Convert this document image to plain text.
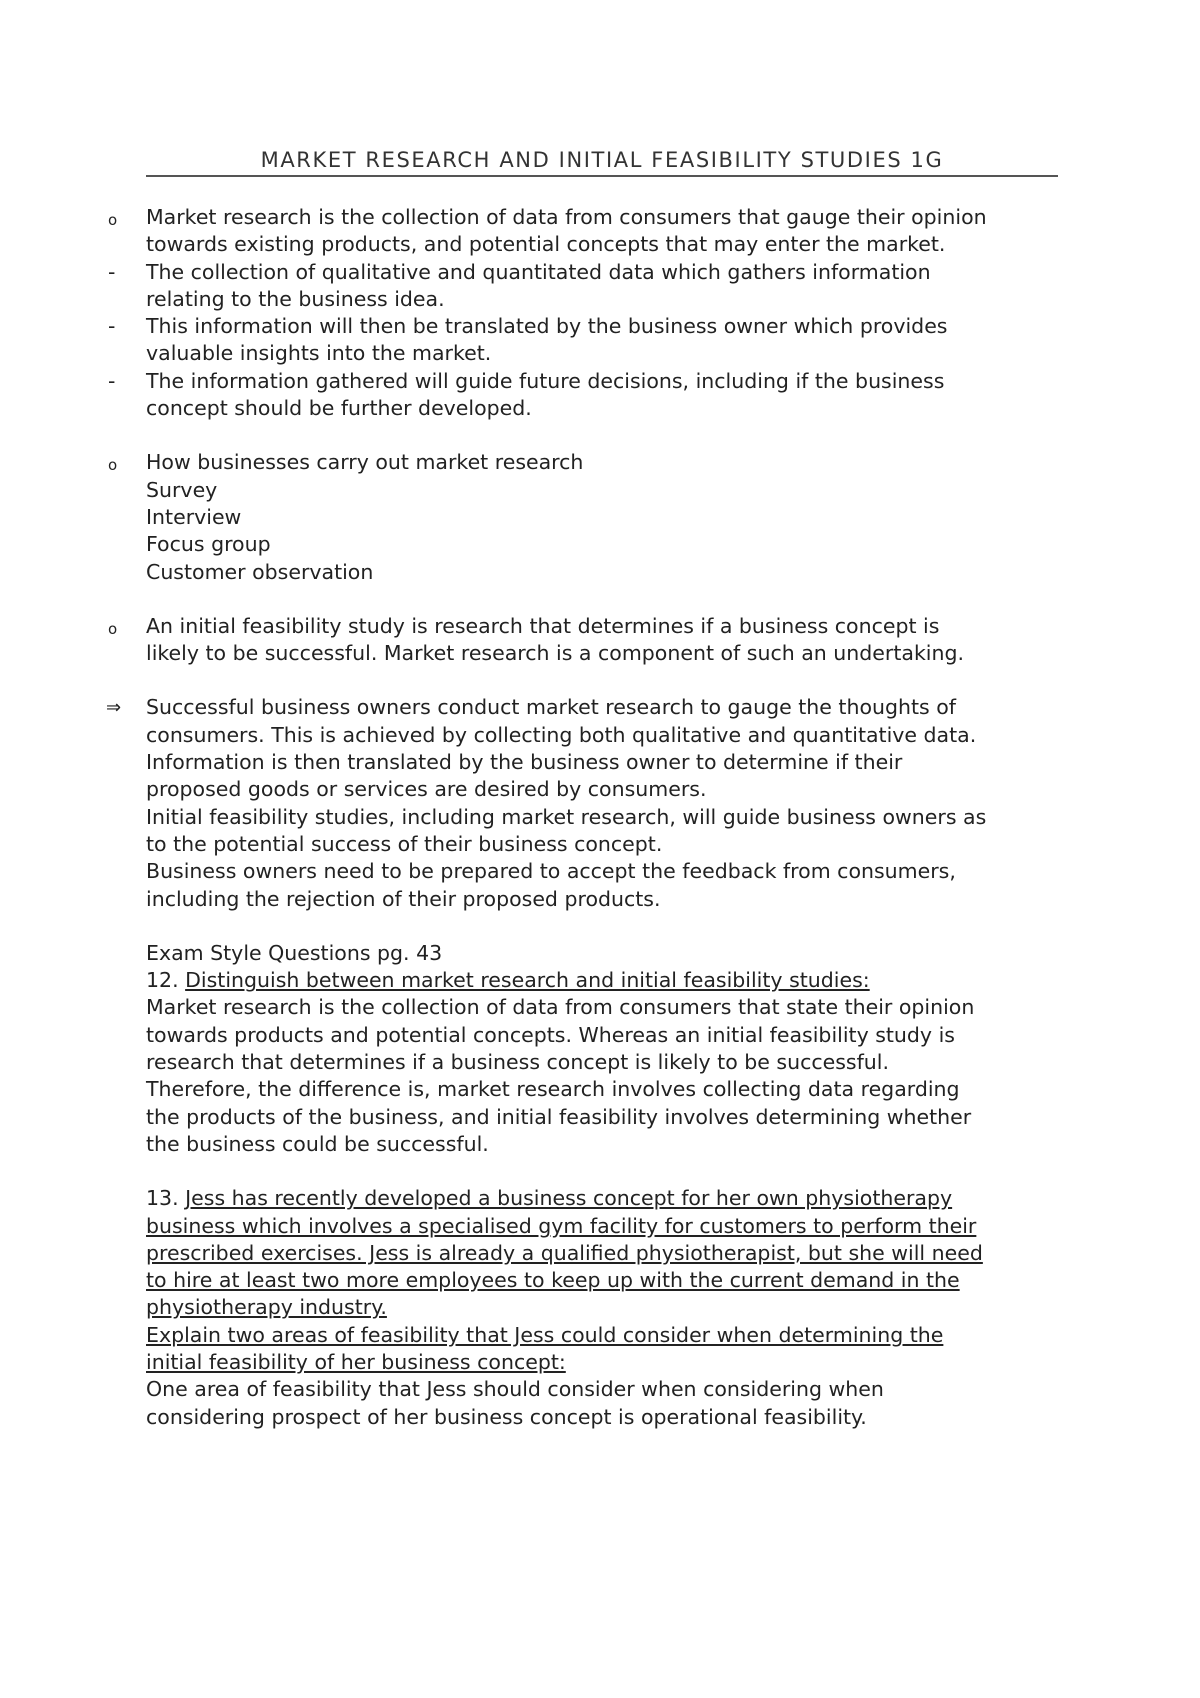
MARKET RESEARCH AND INITIAL FEASIBILITY STUDIES 1G
o	Market research is the collection of data from consumers that gauge their opinion
towards existing products, and potential concepts that may enter the market.
-	The collection of qualitative and quantitated data which gathers information
relating to the business idea.
-	This information will then be translated by the business owner which provides
valuable insights into the market.
-	The information gathered will guide future decisions, including if the business
concept should be further developed.
o	How businesses carry out market research
Survey
Interview
Focus group
Customer observation
o	An initial feasibility study is research that determines if a business concept is
likely to be successful. Market research is a component of such an undertaking.
⇒	Successful business owners conduct market research to gauge the thoughts of
consumers. This is achieved by collecting both qualitative and quantitative data.
Information is then translated by the business owner to determine if their
proposed goods or services are desired by consumers.
Initial feasibility studies, including market research, will guide business owners as
to the potential success of their business concept.
Business owners need to be prepared to accept the feedback from consumers,
including the rejection of their proposed products.
Exam Style Questions pg. 43
12. Distinguish between market research and initial feasibility studies:
Market research is the collection of data from consumers that state their opinion
towards products and potential concepts. Whereas an initial feasibility study is
research that determines if a business concept is likely to be successful.
Therefore, the difference is, market research involves collecting data regarding
the products of the business, and initial feasibility involves determining whether
the business could be successful.
13. Jess has recently developed a business concept for her own physiotherapy
business which involves a specialised gym facility for customers to perform their
prescribed exercises. Jess is already a qualified physiotherapist, but she will need
to hire at least two more employees to keep up with the current demand in the
physiotherapy industry.
Explain two areas of feasibility that Jess could consider when determining the
initial feasibility of her business concept:
One area of feasibility that Jess should consider when considering when
considering prospect of her business concept is operational feasibility.
